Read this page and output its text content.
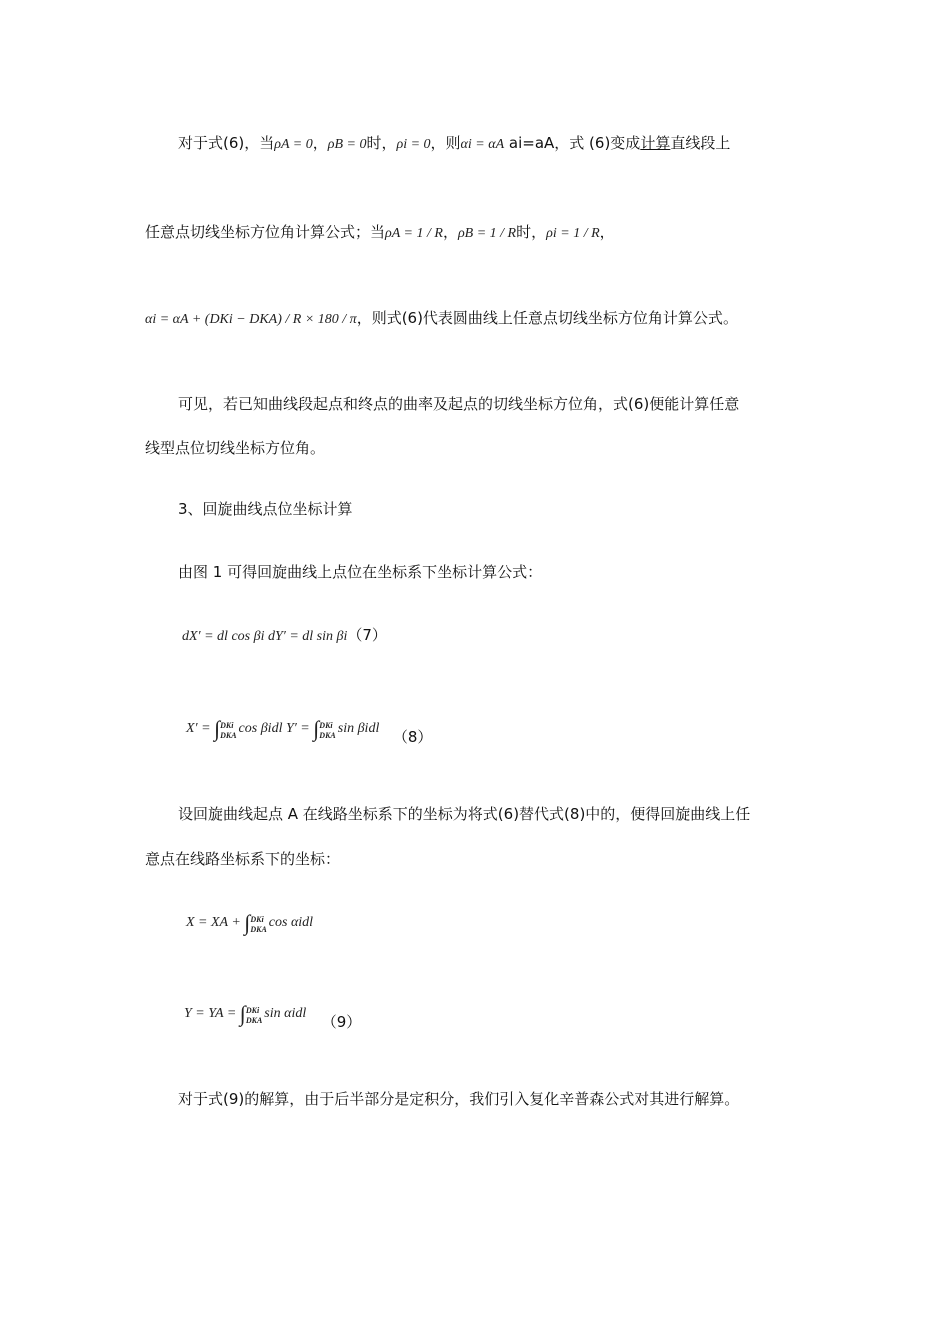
对于式(6)，当ρA = 0，ρB = 0时，ρi = 0，则αi = αA ai=aA，式 (6)变成计算直线段上
任意点切线坐标方位角计算公式；当ρA = 1 / R，ρB = 1 / R时，ρi = 1 / R，
αi = αA + (DKi − DKA) / R × 180 / π，则式(6)代表圆曲线上任意点切线坐标方位角计算公式。
可见，若已知曲线段起点和终点的曲率及起点的切线坐标方位角，式(6)便能计算任意
线型点位切线坐标方位角。
3、回旋曲线点位坐标计算
由图 1 可得回旋曲线上点位在坐标系下坐标计算公式：
dX′ = dl cos βi dY′ = dl sin βi（7）
X′ = ∫ DKi
DKA cos βidl Y′ = ∫ DKi
DKA sin βidl （8）
设回旋曲线起点 A 在线路坐标系下的坐标为将式(6)替代式(8)中的，便得回旋曲线上任
意点在线路坐标系下的坐标：
X = XA + ∫ DKi
DKA cos αidl
Y = YA = ∫ DKi
DKA sin αidl （9）
对于式(9)的解算，由于后半部分是定积分，我们引入复化辛普森公式对其进行解算。
